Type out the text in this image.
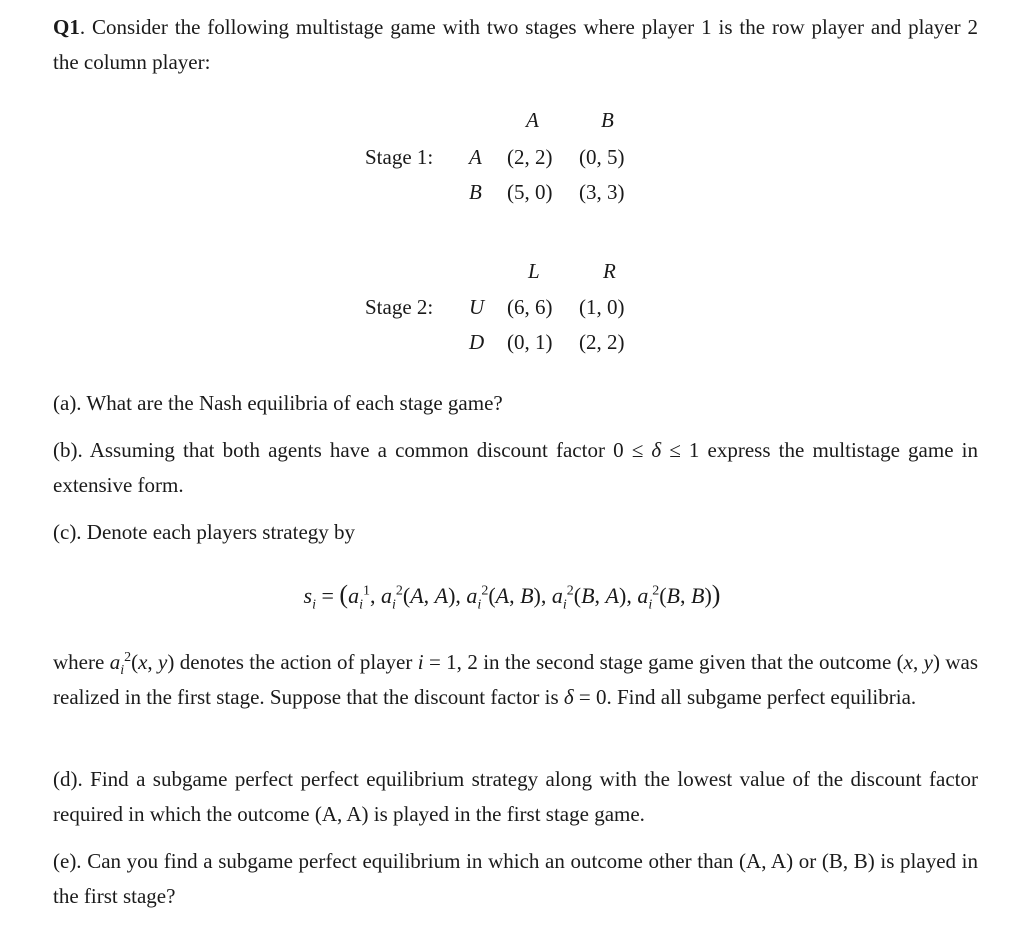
Q1. Consider the following multistage game with two stages where player 1 is the row player and player 2 the column player:
A	B
Stage 1: A (2, 2) (0, 5)
B (5, 0) (3, 3)
L	R
Stage 2: U (6, 6) (1, 0)
D (0, 1) (2, 2)
(a). What are the Nash equilibria of each stage game?
(b). Assuming that both agents have a common discount factor 0 ≤ δ ≤ 1 express the multistage game in extensive form.
(c). Denote each players strategy by
$s_i = (a_i^1$, $a_i^2(A$, A), $a_i^2(A$, B), $a_i^2(B$, A), $a_i^2(B$, B))
where $a_i^2(x$, y) denotes the action of player i = 1, 2 in the second stage game given that the outcome (x, y) was realized in the first stage. Suppose that the discount factor is δ = 0. Find all subgame perfect equilibria.
(d). Find a subgame perfect perfect equilibrium strategy along with the lowest value of the discount factor required in which the outcome (A, A) is played in the first stage game.
(e). Can you find a subgame perfect equilibrium in which an outcome other than (A, A) or (B, B) is played in the first stage?
